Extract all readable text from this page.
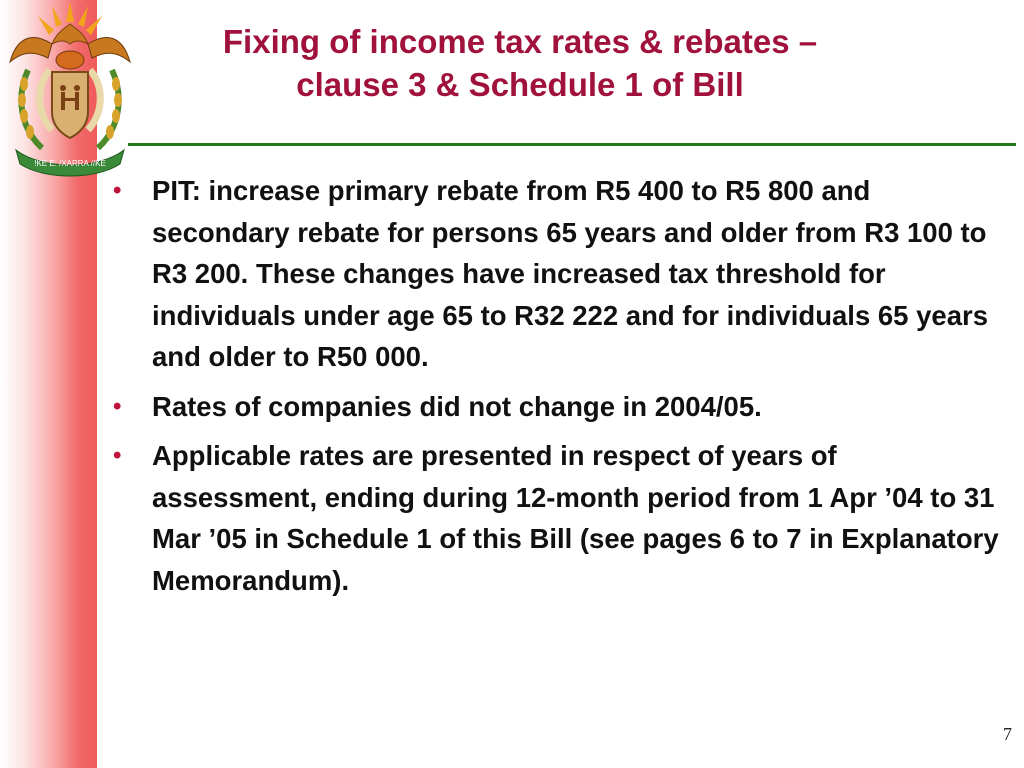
!KE E: /XARRA //KE
Fixing of income tax rates & rebates –
clause 3 & Schedule 1 of Bill
• PIT: increase primary rebate from R5 400 to R5 800 and secondary rebate for persons 65 years and older from R3 100 to R3 200. These changes have increased tax threshold for individuals under age 65 to R32 222 and for individuals 65 years and older to R50 000.
• Rates of companies did not change in 2004/05.
• Applicable rates are presented in respect of years of assessment, ending during 12-month period from 1 Apr ’04 to 31 Mar ’05 in Schedule 1 of this Bill (see pages 6 to 7 in Explanatory Memorandum).
7
